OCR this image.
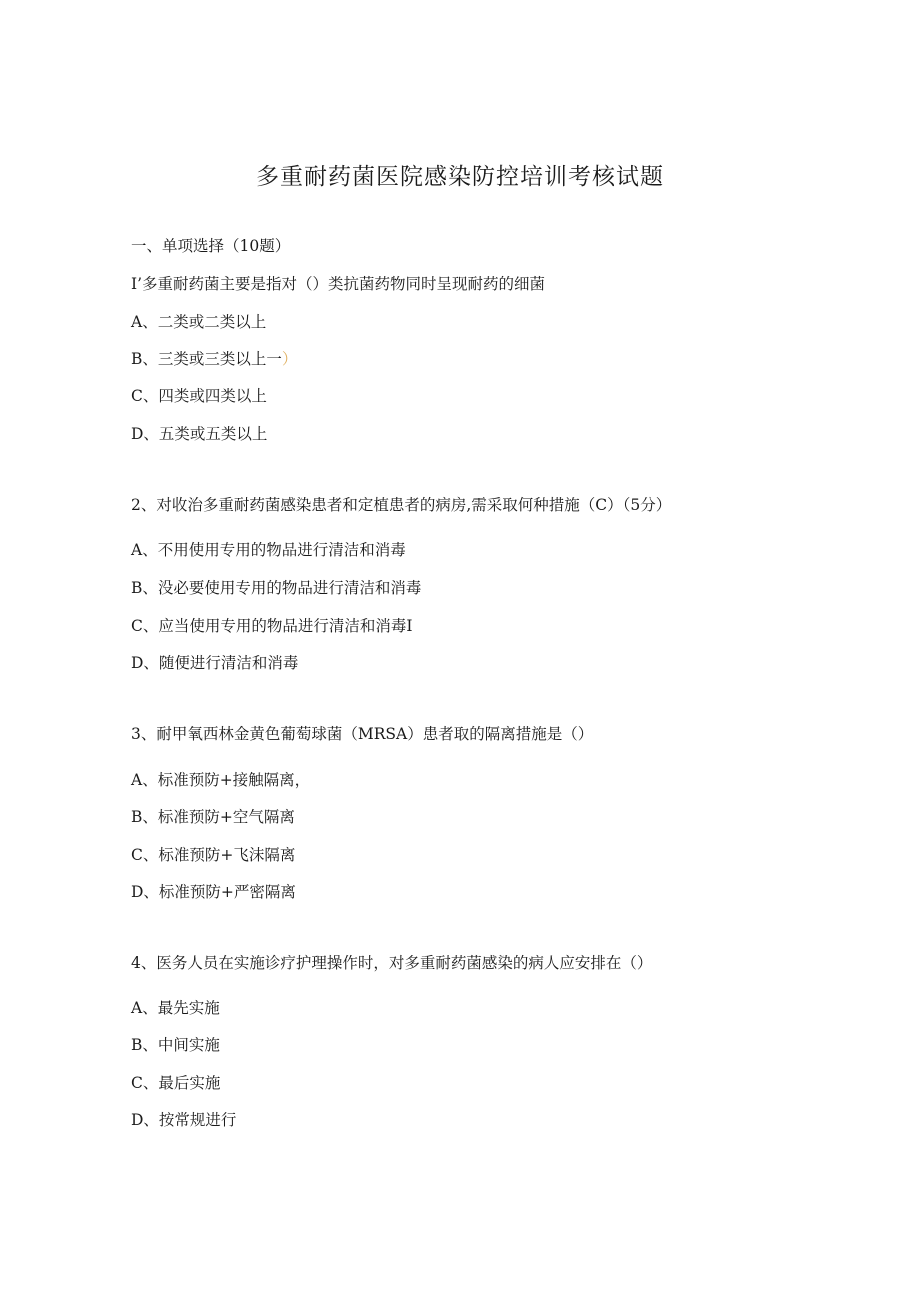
多重耐药菌医院感染防控培训考核试题
一、单项选择（10题）
I’多重耐药菌主要是指对（）类抗菌药物同时呈现耐药的细菌
A、二类或二类以上
B、三类或三类以上一）
C、四类或四类以上
D、五类或五类以上
2、对收治多重耐药菌感染患者和定植患者的病房,需采取何种措施（C）（5分）
A、不用使用专用的物品进行清洁和消毒
B、没必要使用专用的物品进行清洁和消毒
C、应当使用专用的物品进行清洁和消毒I
D、随便进行清洁和消毒
3、耐甲氧西林金黄色葡萄球菌（MRSA）患者取的隔离措施是（）
A、标准预防+接触隔离，
B、标准预防+空气隔离
C、标准预防+飞沫隔离
D、标准预防+严密隔离
4、医务人员在实施诊疗护理操作时，对多重耐药菌感染的病人应安排在（）
A、最先实施
B、中间实施
C、最后实施
D、按常规进行
